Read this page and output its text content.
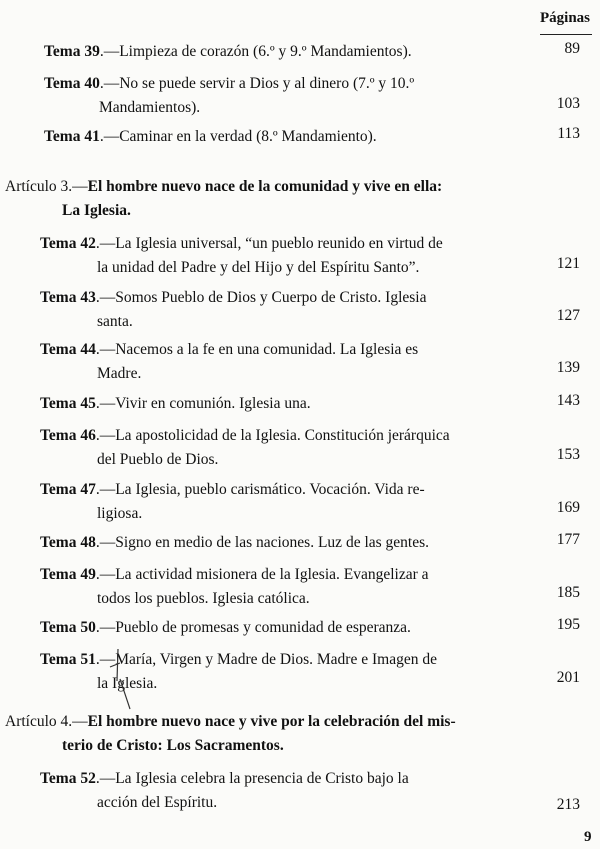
Páginas
Tema 39.—Limpieza de corazón (6.º y 9.º Mandamientos).	89
Tema 40.—No se puede servir a Dios y al dinero (7.º y 10.º
Mandamientos).	103
Tema 41.—Caminar en la verdad (8.º Mandamiento).	113
Artículo 3.—El hombre nuevo nace de la comunidad y vive en ella:
La Iglesia.
Tema 42.—La Iglesia universal, “un pueblo reunido en virtud de
la unidad del Padre y del Hijo y del Espíritu Santo”.	121
Tema 43.—Somos Pueblo de Dios y Cuerpo de Cristo. Iglesia
santa.	127
Tema 44.—Nacemos a la fe en una comunidad. La Iglesia es
Madre.	139
Tema 45.—Vivir en comunión. Iglesia una.	143
Tema 46.—La apostolicidad de la Iglesia. Constitución jerárquica
del Pueblo de Dios.	153
Tema 47.—La Iglesia, pueblo carismático. Vocación. Vida re-
ligiosa.	169
Tema 48.—Signo en medio de las naciones. Luz de las gentes.	177
Tema 49.—La actividad misionera de la Iglesia. Evangelizar a
todos los pueblos. Iglesia católica.	185
Tema 50.—Pueblo de promesas y comunidad de esperanza.	195
Tema 51.—María, Virgen y Madre de Dios. Madre e Imagen de
la Iglesia.	201
Artículo 4.—El hombre nuevo nace y vive por la celebración del mis-
terio de Cristo: Los Sacramentos.
Tema 52.—La Iglesia celebra la presencia de Cristo bajo la
acción del Espíritu.	213
9
